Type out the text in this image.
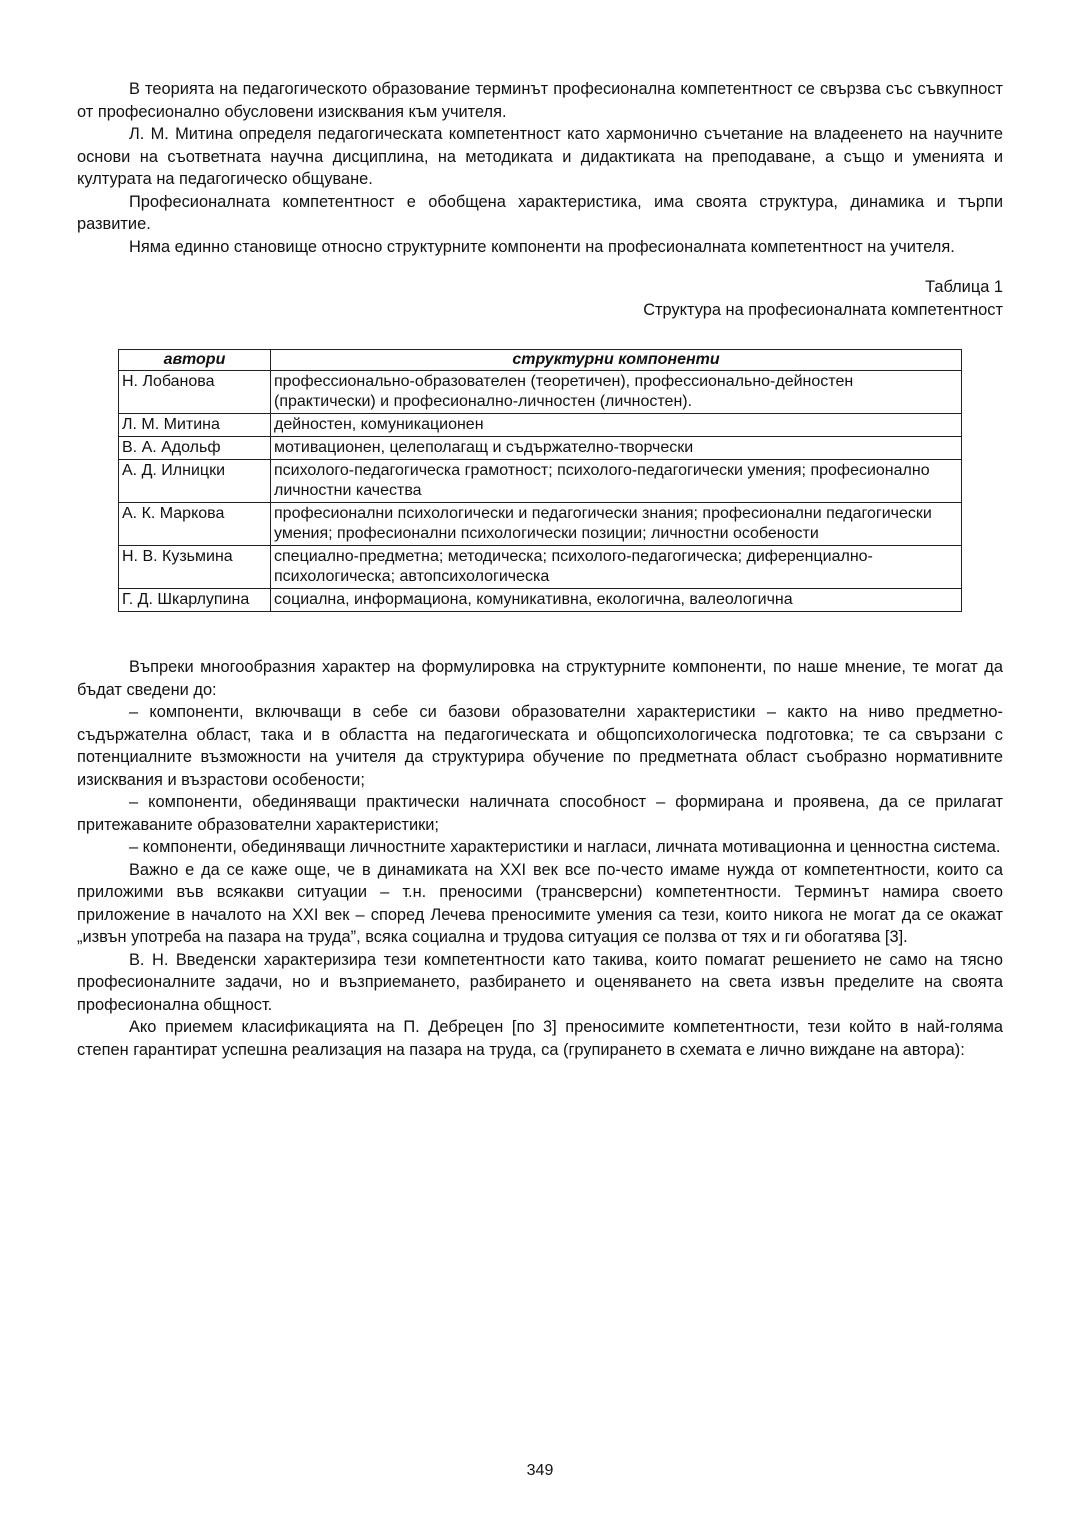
В теорията на педагогическото образование терминът професионална компетентност се свързва със съвкупност от професионално обусловени изисквания към учителя.

Л. М. Митина определя педагогическата компетентност като хармонично съчетание на владеенето на научните основи на съответната научна дисциплина, на методиката и дидактиката на преподаване, а също и уменията и културата на педагогическо общуване.

Професионалната компетентност е обобщена характеристика, има своята структура, динамика и търпи развитие.

Няма единно становище относно структурните компоненти на професионалната компетентност на учителя.

Таблица 1
Структура на професионалната компетентност
автори	структурни компоненти
Н. Лобанова	профессионально-образователен (теоретичен), профессионально-дейностен (практически) и професионално-личностен (личностен).
Л. М. Митина	дейностен, комуникационен
В. А. Адольф	мотивационен, целеполагащ и съдържателно-творчески
А. Д. Илницки	психолого-педагогическа грамотност; психолого-педагогически умения; професионално личностни качества
А. К. Маркова	професионални психологически и педагогически знания; професионални педагогически умения; професионални психологически позиции; личностни особености
Н. В. Кузьмина	специално-предметна; методическа; психолого-педагогическа; диференциално-психологическа; автопсихологическа
Г. Д. Шкарлупина	социална, информациона, комуникативна, екологична, валеологична

Въпреки многообразния характер на формулировка на структурните компоненти, по наше мнение, те могат да бъдат сведени до:

– компоненти, включващи в себе си базови образователни характеристики – както на ниво предметно-съдържателна област, така и в областта на педагогическата и общопсихологическа подготовка; те са свързани с потенциалните възможности на учителя да структурира обучение по предметната област съобразно нормативните изисквания и възрастови особености;

– компоненти, обединяващи практически наличната способност – формирана и проявена, да се прилагат притежаваните образователни характеристики;

– компоненти, обединяващи личностните характеристики и нагласи, личната мотивационна и ценностна система.

Важно е да се каже още, че в динамиката на XXI век все по-често имаме нужда от компетентности, които са приложими във всякакви ситуации – т.н. преносими (трансверсни) компетентности. Терминът намира своето приложение в началото на XXI век – според Лечева преносимите умения са тези, които никога не могат да се окажат „извън употреба на пазара на труда”, всяка социална и трудова ситуация се ползва от тях и ги обогатява [3].

В. Н. Введенски характеризира тези компетентности като такива, които помагат решението не само на тясно професионалните задачи, но и възприемането, разбирането и оценяването на света извън пределите на своята професионална общност.

Ако приемем класификацията на П. Дебрецен [по 3] преносимите компетентности, тези който в най-голяма степен гарантират успешна реализация на пазара на труда, са (групирането в схемата е лично виждане на автора):

349
